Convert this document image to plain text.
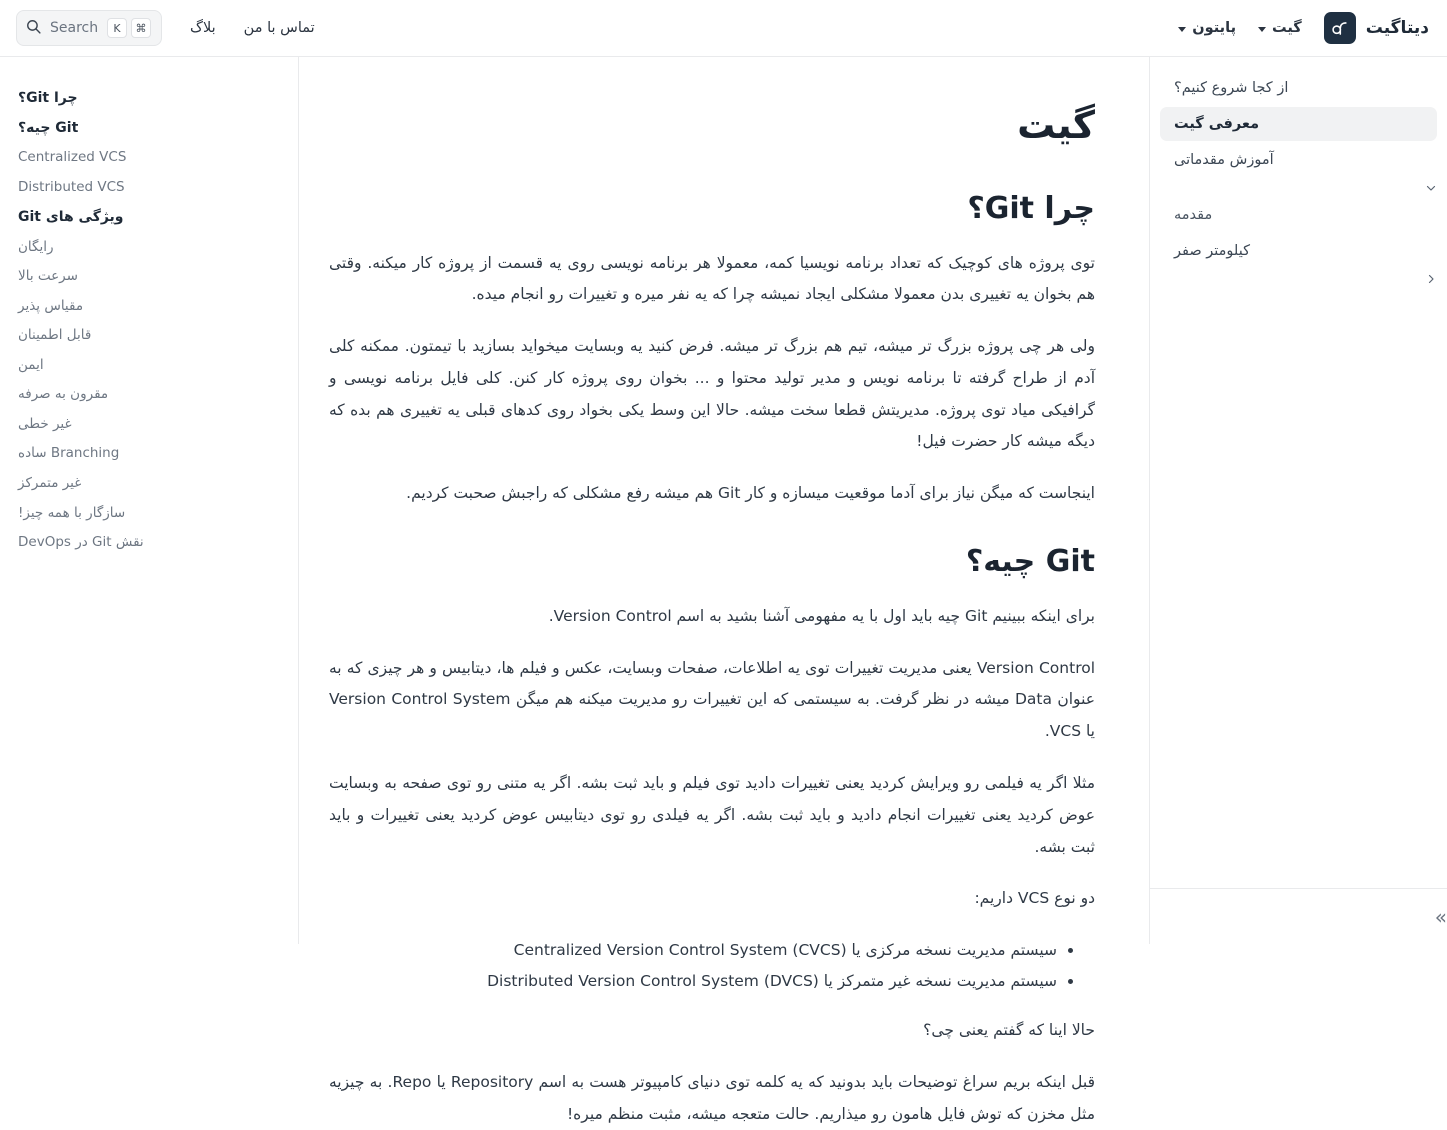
دیتاگیت
گیت
پایتون
Search	K	⌘	بلاگ تماس با من
از کجا شروع کنیم؟
معرفی گیت
آموزش مقدماتی
مقدمه
کیلومتر صفر
»
گیت
چرا Git؟

توی پروژه های کوچیک که تعداد برنامه نویسیا کمه، معمولا هر برنامه نویسی روی یه قسمت از پروژه کار میکنه. وقتی هم بخوان یه تغییری بدن معمولا مشکلی ایجاد نمیشه چرا که یه نفر میره و تغییرات رو انجام میده.

ولی هر چی پروژه بزرگ تر میشه، تیم هم بزرگ تر میشه. فرض کنید یه وبسایت میخواید بسازید با تیمتون. ممکنه کلی آدم از طراح گرفته تا برنامه نویس و مدیر تولید محتوا و ... بخوان روی پروژه کار کنن. کلی فایل برنامه نویسی و گرافیکی میاد توی پروژه. مدیریتش قطعا سخت میشه. حالا این وسط یکی بخواد روی کدهای قبلی یه تغییری هم بده که دیگه میشه کار حضرت فیل!

اینجاست که میگن نیاز برای آدما موقعیت میسازه و کار Git هم میشه رفع مشکلی که راجبش صحبت کردیم.

Git چیه؟

برای اینکه ببینیم Git چیه باید اول با یه مفهومی آشنا بشید به اسم Version Control.

Version Control یعنی مدیریت تغییرات توی یه اطلاعات، صفحات وبسایت، عکس و فیلم ها، دیتابیس و هر چیزی که به عنوان Data میشه در نظر گرفت. به سیستمی که این تغییرات رو مدیریت میکنه هم میگن Version Control System یا VCS.

مثلا اگر یه فیلمی رو ویرایش کردید یعنی تغییرات دادید توی فیلم و باید ثبت بشه. اگر یه متنی رو توی صفحه به وبسایت عوض کردید یعنی تغییرات انجام دادید و باید ثبت بشه. اگر یه فیلدی رو توی دیتابیس عوض کردید یعنی تغییرات و باید ثبت بشه.

دو نوع VCS داریم:

سیستم مدیریت نسخه مرکزی یا Centralized Version Control System (CVCS)
سیستم مدیریت نسخه غیر متمرکز یا Distributed Version Control System (DVCS)

حالا اینا که گفتم یعنی چی؟

قبل اینکه بریم سراغ توضیحات باید بدونید که یه کلمه توی دنیای کامپیوتر هست به اسم Repository یا Repo. به چیزیه مثل مخزن که توش فایل هامون رو میذاریم. حالت متعجه میشه، مثبت منظم میره!

چرا Git؟
Git چیه؟
Centralized VCS
Distributed VCS
ویژگی های Git
رایگان
سرعت بالا
مقیاس پذیر
قابل اطمینان
ایمن
مقرون به صرفه
غیر خطی
Branching ساده
غیر متمرکز
سازگار با همه چیز!
نقش Git در DevOps
